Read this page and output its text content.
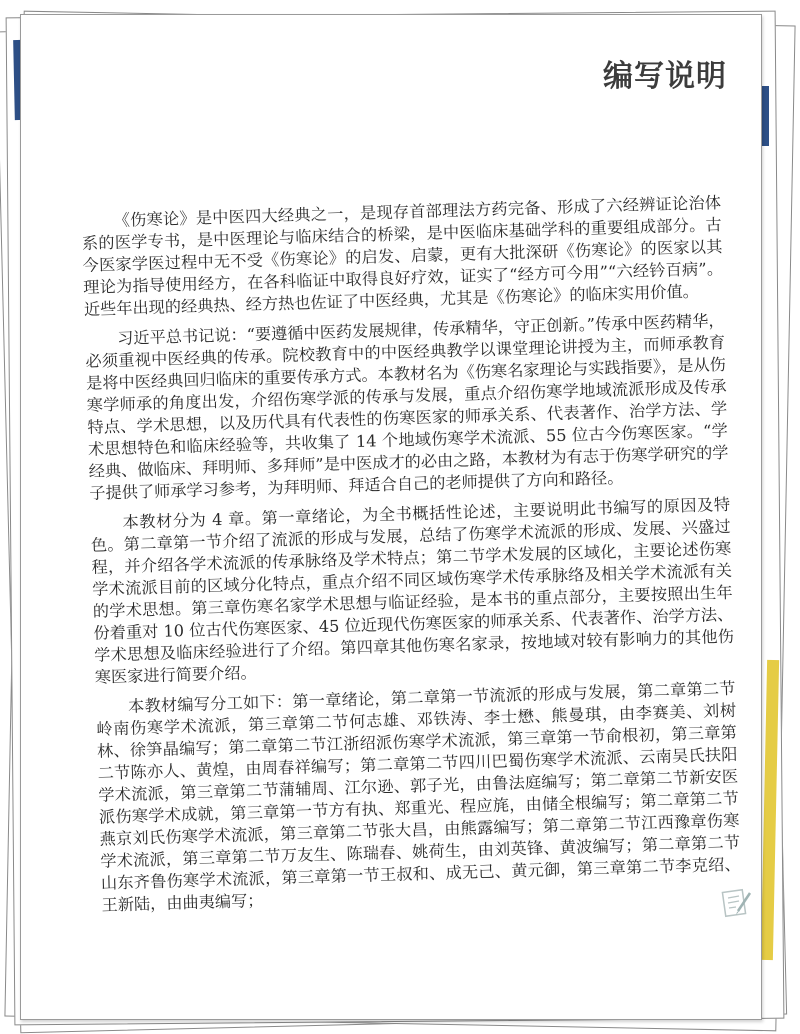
编写说明

《伤寒论》是中医四大经典之一，是现存首部理法方药完备、形成了六经辨证论治体系的医学专书，是中医理论与临床结合的桥梁，是中医临床基础学科的重要组成部分。古今医家学医过程中无不受《伤寒论》的启发、启蒙，更有大批深研《伤寒论》的医家以其理论为指导使用经方，在各科临证中取得良好疗效，证实了“经方可今用”“六经钤百病”。近些年出现的经典热、经方热也佐证了中医经典，尤其是《伤寒论》的临床实用价值。

习近平总书记说：“要遵循中医药发展规律，传承精华，守正创新。”传承中医药精华，必须重视中医经典的传承。院校教育中的中医经典教学以课堂理论讲授为主，而师承教育是将中医经典回归临床的重要传承方式。本教材名为《伤寒名家理论与实践指要》，是从伤寒学师承的角度出发，介绍伤寒学派的传承与发展，重点介绍伤寒学地域流派形成及传承特点、学术思想，以及历代具有代表性的伤寒医家的师承关系、代表著作、治学方法、学术思想特色和临床经验等，共收集了 14 个地域伤寒学术流派、55 位古今伤寒医家。“学经典、做临床、拜明师、多拜师”是中医成才的必由之路，本教材为有志于伤寒学研究的学子提供了师承学习参考，为拜明师、拜适合自己的老师提供了方向和路径。

本教材分为 4 章。第一章绪论，为全书概括性论述，主要说明此书编写的原因及特色。第二章第一节介绍了流派的形成与发展，总结了伤寒学术流派的形成、发展、兴盛过程，并介绍各学术流派的传承脉络及学术特点；第二节学术发展的区域化，主要论述伤寒学术流派目前的区域分化特点，重点介绍不同区域伤寒学术传承脉络及相关学术流派有关的学术思想。第三章伤寒名家学术思想与临证经验，是本书的重点部分，主要按照出生年份着重对 10 位古代伤寒医家、45 位近现代伤寒医家的师承关系、代表著作、治学方法、学术思想及临床经验进行了介绍。第四章其他伤寒名家录，按地域对较有影响力的其他伤寒医家进行简要介绍。

本教材编写分工如下：第一章绪论，第二章第一节流派的形成与发展，第二章第二节岭南伤寒学术流派，第三章第二节何志雄、邓铁涛、李士懋、熊曼琪，由李赛美、刘树林、徐笋晶编写；第二章第二节江浙绍派伤寒学术流派，第三章第一节俞根初，第三章第二节陈亦人、黄煌，由周春祥编写；第二章第二节四川巴蜀伤寒学术流派、云南吴氏扶阳学术流派，第三章第二节蒲辅周、江尔逊、郭子光，由鲁法庭编写；第二章第二节新安医派伤寒学术成就，第三章第一节方有执、郑重光、程应旄，由储全根编写；第二章第二节燕京刘氏伤寒学术流派，第三章第二节张大昌，由熊露编写；第二章第二节江西豫章伤寒学术流派，第三章第二节万友生、陈瑞春、姚荷生，由刘英锋、黄波编写；第二章第二节山东齐鲁伤寒学术流派，第三章第一节王叔和、成无己、黄元御，第三章第二节李克绍、王新陆，由曲夷编写；
